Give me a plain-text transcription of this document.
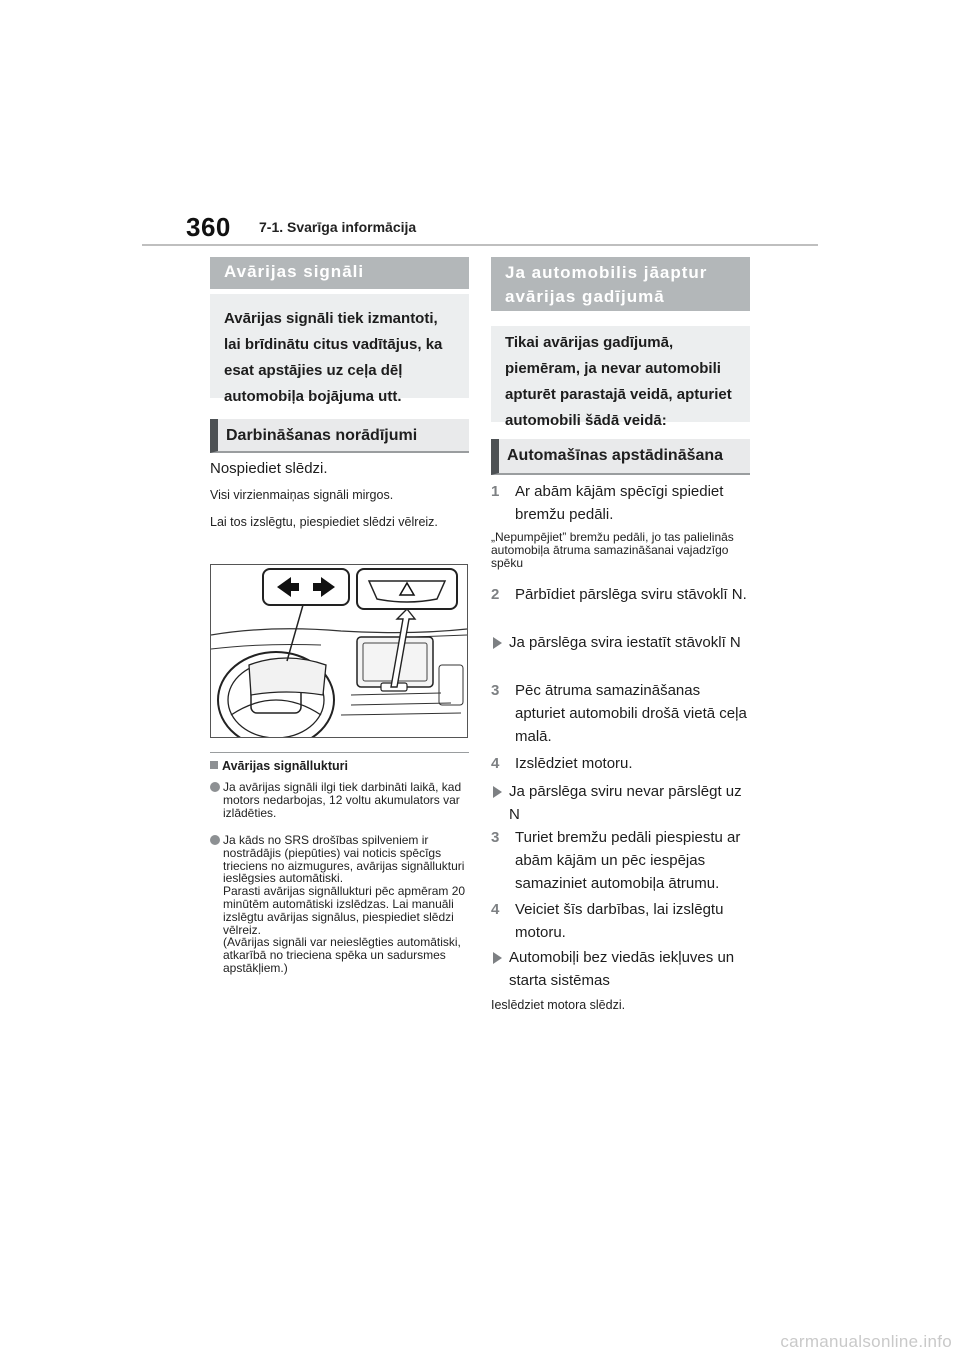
360 7-1. Svarīga informācija
Avārijas signāli
Avārijas signāli tiek izmantoti, lai brīdinātu citus vadītājus, ka esat apstājies uz ceļa dēļ automobiļa bojājuma utt.
Darbināšanas norādījumi
Nospiediet slēdzi.
Visi virzienmaiņas signāli mirgos.
Lai tos izslēgtu, piespiediet slēdzi vēlreiz.
Avārijas signāllukturi
Ja avārijas signāli ilgi tiek darbināti laikā, kad motors nedarbojas, 12 voltu akumulators var izlādēties.
Ja kāds no SRS drošības spilveniem ir nostrādājis (piepūties) vai noticis spēcīgs trieciens no aizmugures, avārijas signāllukturi ieslēgsies automātiski.
Parasti avārijas signāllukturi pēc apmēram 20 minūtēm automātiski izslēdzas. Lai manuāli izslēgtu avārijas signālus, piespiediet slēdzi vēlreiz.
(Avārijas signāli var neieslēgties automātiski, atkarībā no trieciena spēka un sadursmes apstākļiem.)
Ja automobilis jāaptur avārijas gadījumā
Tikai avārijas gadījumā, piemēram, ja nevar automobili apturēt parastajā veidā, apturiet automobili šādā veidā:
Automašīnas apstādināšana
1	Ar abām kājām spēcīgi spiediet bremžu pedāli.
„Nepumpējiet” bremžu pedāli, jo tas palielinās automobiļa ātruma samazināšanai vajadzīgo spēku
2	Pārbīdiet pārslēga sviru stāvoklī N.
Ja pārslēga svira iestatīt stāvoklī N
3	Pēc ātruma samazināšanas apturiet automobili drošā vietā ceļa malā.
4	Izslēdziet motoru.
Ja pārslēga sviru nevar pārslēgt uz N
3	Turiet bremžu pedāli piespiestu ar abām kājām un pēc iespējas samaziniet automobiļa ātrumu.
4	Veiciet šīs darbības, lai izslēgtu motoru.
Automobiļi bez viedās iekļuves un starta sistēmas
Ieslēdziet motora slēdzi.
carmanualsonline.info
